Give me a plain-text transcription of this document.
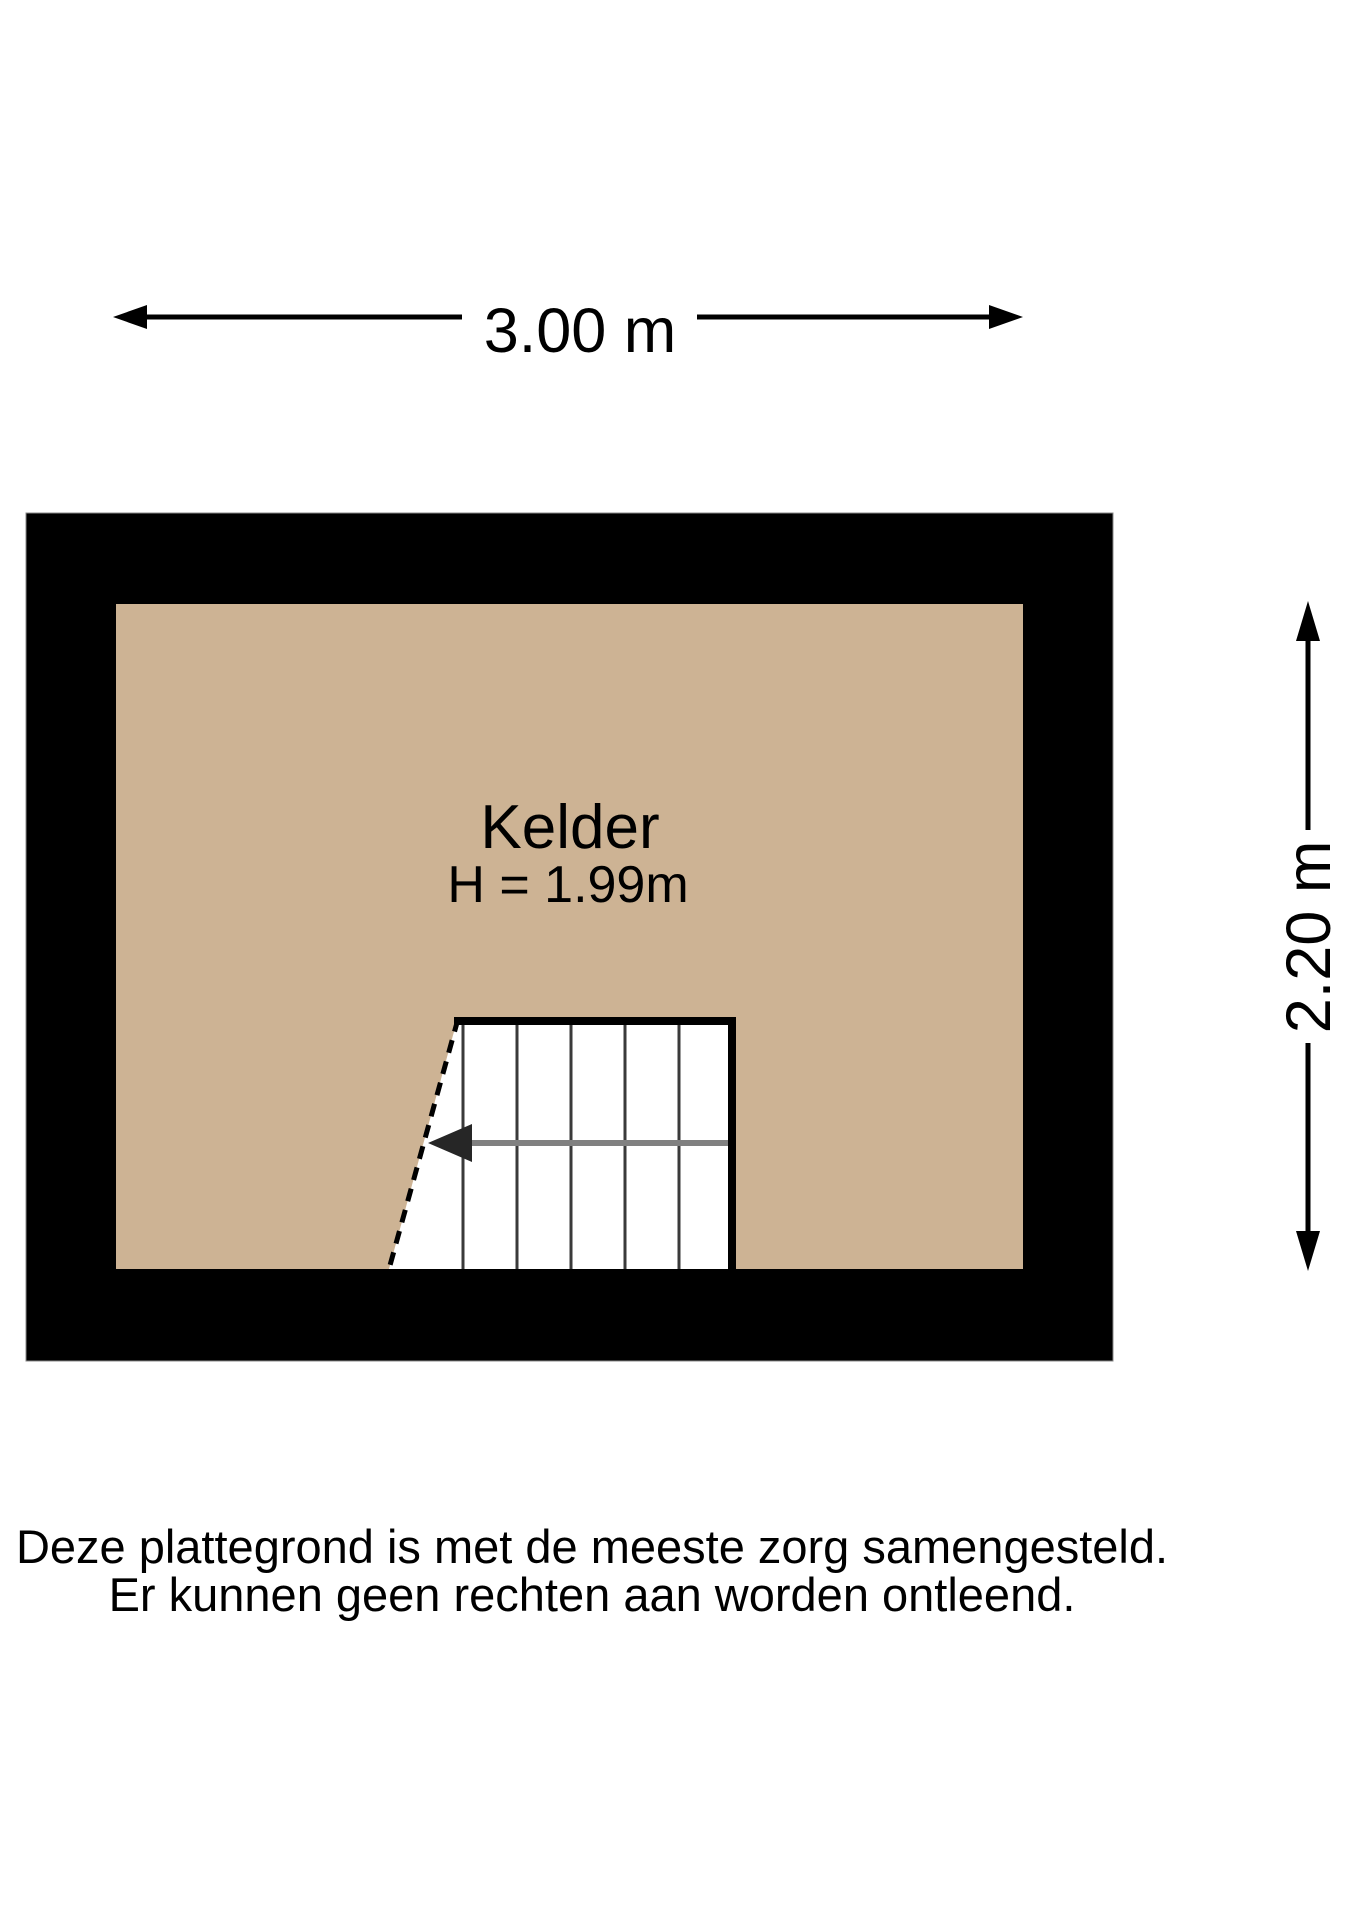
3.00 m
Kelder
H = 1.99m	2.20 m
Deze plattegrond is met de meeste zorg samengesteld.
Er kunnen geen rechten aan worden ontleend.
